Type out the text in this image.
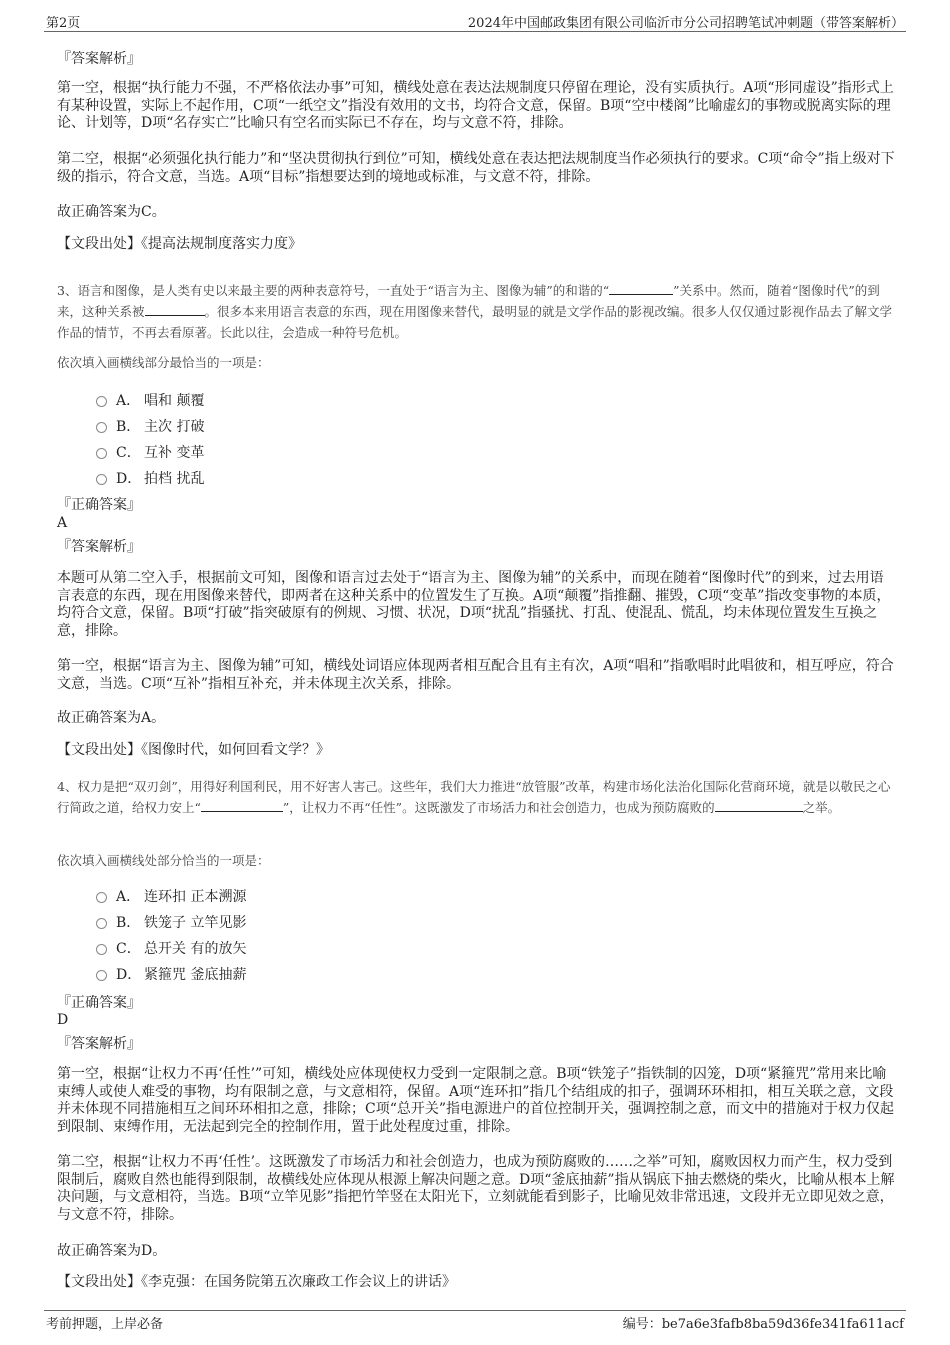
第2页	2024年中国邮政集团有限公司临沂市分公司招聘笔试冲刺题（带答案解析）
『答案解析』
第一空，根据“执行能力不强，不严格依法办事”可知，横线处意在表达法规制度只停留在理论，没有实质执行。A项“形同虚设”指形式上有某种设置，实际上不起作用，C项“一纸空文”指没有效用的文书，均符合文意，保留。B项“空中楼阁”比喻虚幻的事物或脱离实际的理论、计划等，D项“名存实亡”比喻只有空名而实际已不存在，均与文意不符，排除。
第二空，根据“必须强化执行能力”和“坚决贯彻执行到位”可知，横线处意在表达把法规制度当作必须执行的要求。C项“命令”指上级对下级的指示，符合文意，当选。A项“目标”指想要达到的境地或标准，与文意不符，排除。
故正确答案为C。
【文段出处】《提高法规制度落实力度》
3、语言和图像，是人类有史以来最主要的两种表意符号，一直处于“语言为主、图像为辅”的和谐的“	”关系中。然而，随着“图像时代”的到来，这种关系被	。很多本来用语言表意的东西，现在用图像来替代，最明显的就是文学作品的影视改编。很多人仅仅通过影视作品去了解文学作品的情节，不再去看原著。长此以往，会造成一种符号危机。
依次填入画横线部分最恰当的一项是：
A． 唱和 颠覆
B． 主次 打破
C． 互补 变革
D． 拍档 扰乱
『正确答案』
A
『答案解析』
本题可从第二空入手，根据前文可知，图像和语言过去处于“语言为主、图像为辅”的关系中，而现在随着“图像时代”的到来，过去用语言表意的东西，现在用图像来替代，即两者在这种关系中的位置发生了互换。A项“颠覆”指推翻、摧毁，C项“变革”指改变事物的本质，均符合文意，保留。B项“打破”指突破原有的例规、习惯、状况，D项“扰乱”指骚扰、打乱、使混乱、慌乱，均未体现位置发生互换之意，排除。
第一空，根据“语言为主、图像为辅”可知，横线处词语应体现两者相互配合且有主有次，A项“唱和”指歌唱时此唱彼和，相互呼应，符合文意，当选。C项“互补”指相互补充，并未体现主次关系，排除。
故正确答案为A。
【文段出处】《图像时代，如何回看文学？》
4、权力是把“双刃剑”，用得好利国利民，用不好害人害己。这些年，我们大力推进“放管服”改革，构建市场化法治化国际化营商环境，就是以敬民之心行简政之道，给权力安上“	”，让权力不再“任性”。这既激发了市场活力和社会创造力，也成为预防腐败的	之举。
依次填入画横线处部分恰当的一项是：
A． 连环扣 正本溯源
B． 铁笼子 立竿见影
C． 总开关 有的放矢
D． 紧箍咒 釜底抽薪
『正确答案』
D
『答案解析』
第一空，根据“让权力不再‘任性’”可知，横线处应体现使权力受到一定限制之意。B项“铁笼子”指铁制的囚笼，D项“紧箍咒”常用来比喻束缚人或使人难受的事物，均有限制之意，与文意相符，保留。A项“连环扣”指几个结组成的扣子，强调环环相扣，相互关联之意，文段并未体现不同措施相互之间环环相扣之意，排除；C项“总开关”指电源进户的首位控制开关，强调控制之意，而文中的措施对于权力仅起到限制、束缚作用，无法起到完全的控制作用，置于此处程度过重，排除。
第二空，根据“让权力不再‘任性’。这既激发了市场活力和社会创造力，也成为预防腐败的……之举”可知，腐败因权力而产生，权力受到限制后，腐败自然也能得到限制，故横线处应体现从根源上解决问题之意。D项“釜底抽薪”指从锅底下抽去燃烧的柴火，比喻从根本上解决问题，与文意相符，当选。B项“立竿见影”指把竹竿竖在太阳光下，立刻就能看到影子，比喻见效非常迅速，文段并无立即见效之意，与文意不符，排除。
故正确答案为D。
【文段出处】《李克强：在国务院第五次廉政工作会议上的讲话》
考前押题，上岸必备	编号：be7a6e3fafb8ba59d36fe341fa611acf
